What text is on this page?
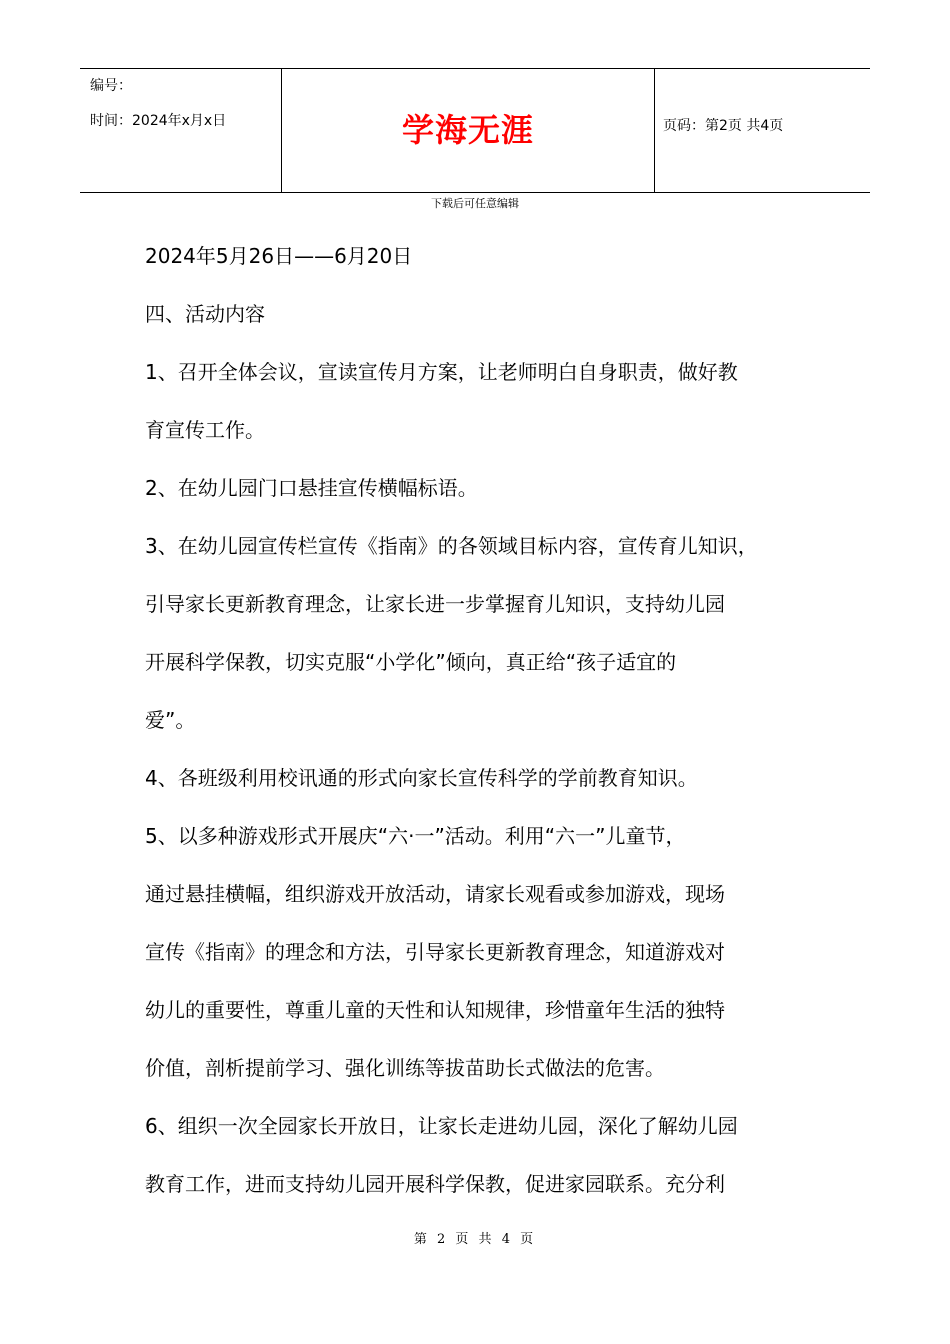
编号：
时间：2024年x月x日	学海无涯	页码：第2页 共4页
下载后可任意编辑
2024年5月26日——6月20日
四、活动内容
1、召开全体会议，宣读宣传月方案，让老师明白自身职责，做好教
育宣传工作。
2、在幼儿园门口悬挂宣传横幅标语。
3、在幼儿园宣传栏宣传《指南》的各领域目标内容，宣传育儿知识，
引导家长更新教育理念，让家长进一步掌握育儿知识，支持幼儿园
开展科学保教，切实克服“小学化”倾向，真正给“孩子适宜的
爱”。
4、各班级利用校讯通的形式向家长宣传科学的学前教育知识。
5、以多种游戏形式开展庆“六·一”活动。利用“六一”儿童节，
通过悬挂横幅，组织游戏开放活动，请家长观看或参加游戏，现场
宣传《指南》的理念和方法，引导家长更新教育理念，知道游戏对
幼儿的重要性，尊重儿童的天性和认知规律，珍惜童年生活的独特
价值，剖析提前学习、强化训练等拔苗助长式做法的危害。
6、组织一次全园家长开放日，让家长走进幼儿园，深化了解幼儿园
教育工作，进而支持幼儿园开展科学保教，促进家园联系。充分利
第 2 页 共 4 页
